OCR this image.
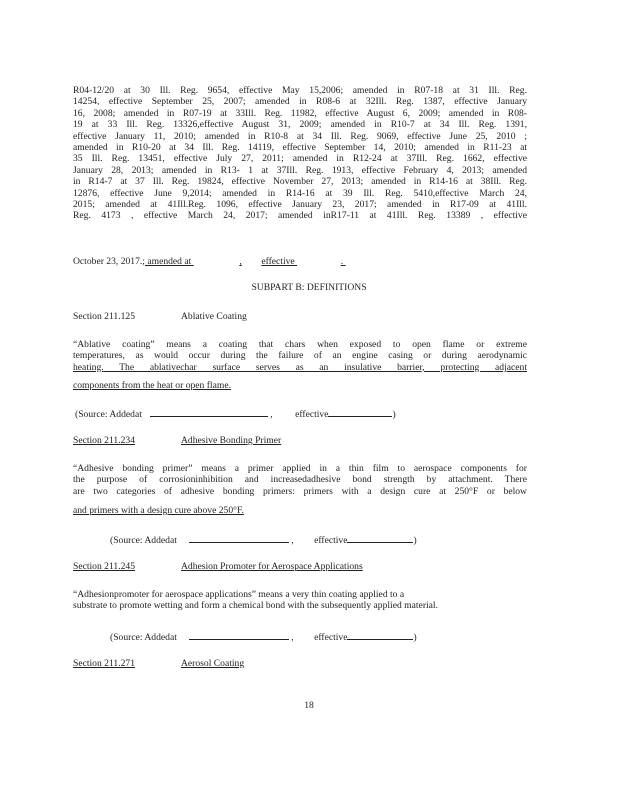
R04-12/20 at 30 Ill. Reg. 9654, effective May 15,2006; amended in R07-18 at 31 Ill. Reg.
14254, effective September 25, 2007; amended in R08-6 at 32Ill. Reg. 1387, effective January
16, 2008; amended in R07-19 at 33Ill. Reg. 11982, effective August 6, 2009; amended in R08-
19 at 33 Ill. Reg. 13326,effective August 31, 2009; amended in R10-7 at 34 Ill. Reg. 1391,
effective January 11, 2010; amended in R10-8 at 34 Ill. Reg. 9069, effective June 25, 2010 ;
amended in R10-20 at 34 Ill. Reg. 14119, effective September 14, 2010; amended in R11-23 at
35 Ill. Reg. 13451, effective July 27, 2011; amended in R12-24 at 37Ill. Reg. 1662, effective
January 28, 2013; amended in R13- 1 at 37Ill. Reg. 1913, effective February 4, 2013; amended
in R14-7 at 37 Ill. Reg. 19824, effective November 27, 2013; amended in R14-16 at 38Ill. Reg.
12876, effective June 9,2014; amended in R14-16 at 39 Ill. Reg. 5410,effective March 24,
2015; amended at 41Ill.Reg. 1096, effective January 23, 2017; amended in R17-09 at 41Ill.
Reg. 4173 , effective March 24, 2017; amended inR17-11 at 41Ill. Reg. 13389 , effective
October 23, 2017.; amended at	, effective	.
SUBPART B: DEFINITIONS
Section 211.125	Ablative Coating
“Ablative coating” means a coating that chars when exposed to open flame or extreme
temperatures, as would occur during the failure of an engine casing or during aerodynamic
heating. The ablativechar surface serves as an insulative barrier, protecting adjacent
components from the heat or open flame.
(Source: Addedat	, effective	)
Section 211.234	Adhesive Bonding Primer
“Adhesive bonding primer” means a primer applied in a thin film to aerospace components for
the purpose of corrosioninhibition and increasedadhesive bond strength by attachment. There
are two categories of adhesive bonding primers: primers with a design cure at 250°F or below
and primers with a design cure above 250°F.
(Source: Addedat	, effective	)
Section 211.245	Adhesion Promoter for Aerospace Applications
“Adhesionpromoter for aerospace applications” means a very thin coating applied to a
substrate to promote wetting and form a chemical bond with the subsequently applied material.
(Source: Addedat	, effective	)
Section 211.271	Aerosol Coating
18
